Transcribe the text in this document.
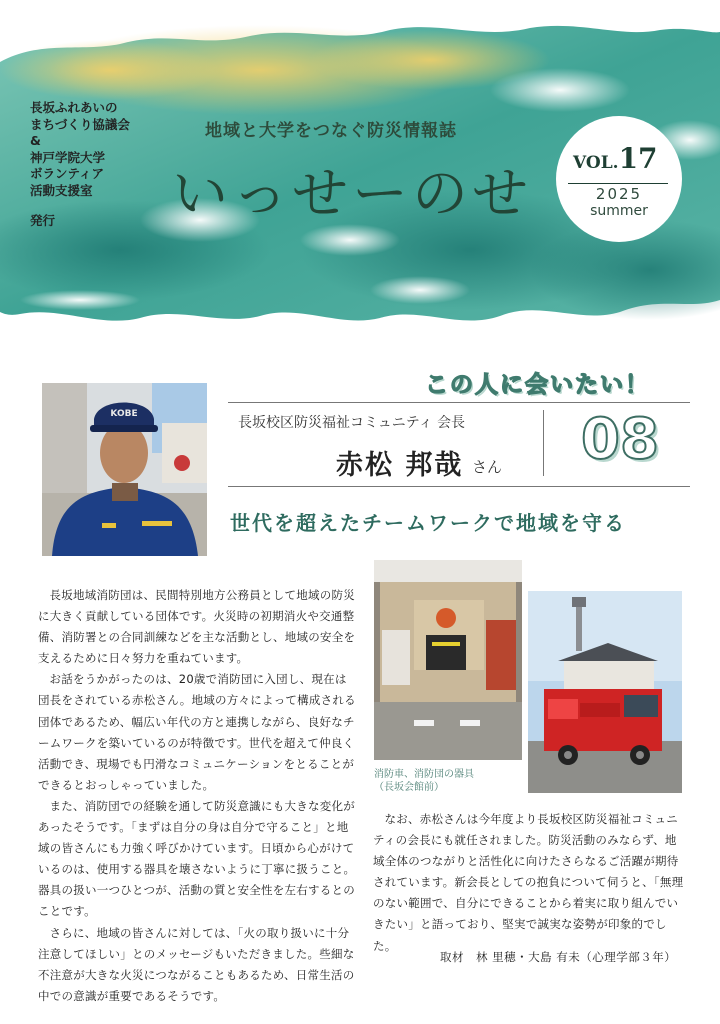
長坂ふれあいの
まちづくり協議会
&
神戸学院大学
ボランティア
活動支援室
発行
地域と大学をつなぐ防災情報誌
いっせーのせ VOL.17
2025
summer
KOBE
この人に会いたい！
長坂校区防災福祉コミュニティ 会長
赤松 邦哉 さん 08
世代を超えたチームワークで地域を守る

長坂地域消防団は、民間特別地方公務員として地域の防災に大きく貢献している団体です。火災時の初期消火や交通整備、消防署との合同訓練などを主な活動とし、地域の安全を支えるために日々努力を重ねています。

お話をうかがったのは、20歳で消防団に入団し、現在は団長をされている赤松さん。地域の方々によって構成される団体であるため、幅広い年代の方と連携しながら、良好なチームワークを築いているのが特徴です。世代を超えて仲良く活動でき、現場でも円滑なコミュニケーションをとることができるとおっしゃっていました。

また、消防団での経験を通して防災意識にも大きな変化があったそうです。「まずは自分の身は自分で守ること」と地域の皆さんにも力強く呼びかけています。日頃から心がけているのは、使用する器具を壊さないように丁寧に扱うこと。器具の扱い一つひとつが、活動の質と安全性を左右するとのことです。

さらに、地域の皆さんに対しては、「火の取り扱いに十分注意してほしい」とのメッセージもいただきました。些細な不注意が大きな火災につながることもあるため、日常生活の中での意識が重要であるそうです。

消防車、消防団の器具
（長坂会館前）

なお、赤松さんは今年度より長坂校区防災福祉コミュニティの会長にも就任されました。防災活動のみならず、地域全体のつながりと活性化に向けたさらなるご活躍が期待されています。新会長としての抱負について伺うと、「無理のない範囲で、自分にできることから着実に取り組んでいきたい」と語っており、堅実で誠実な姿勢が印象的でした。

取材　林 里穂・大島 有未（心理学部３年）
